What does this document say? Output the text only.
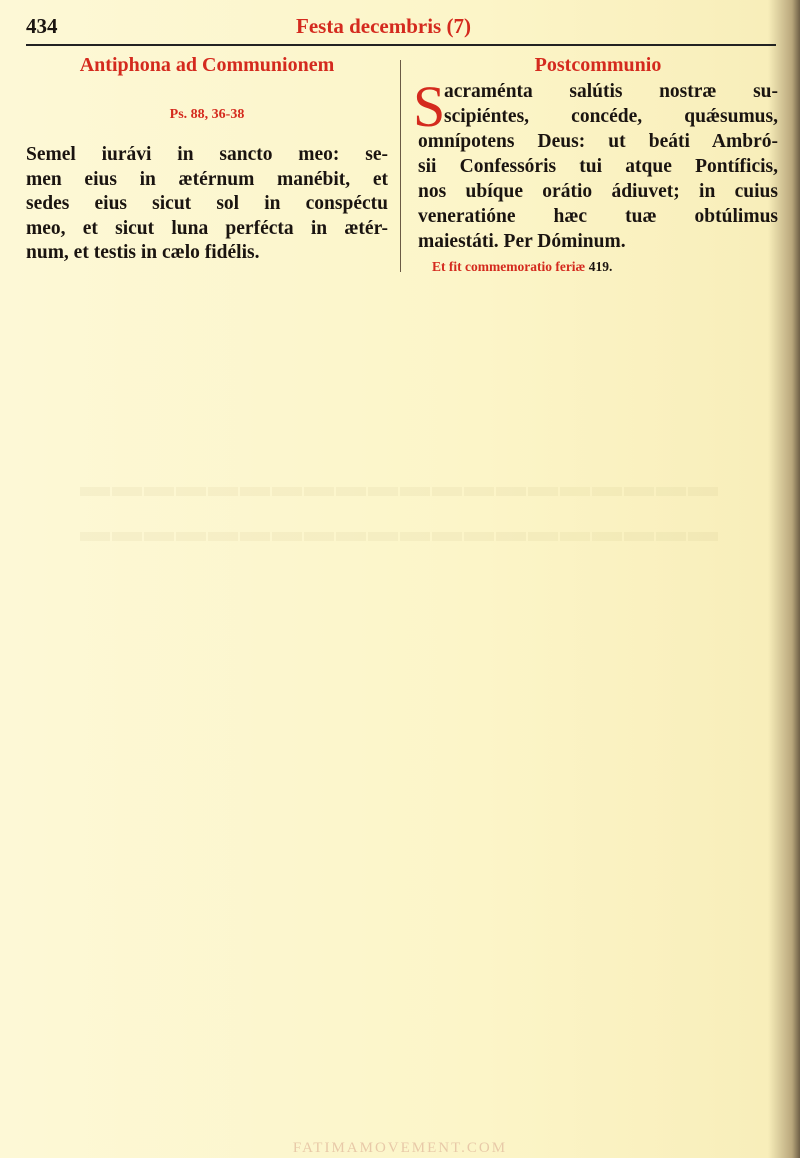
▬▬▬▬▬▬▬▬▬▬▬▬▬▬▬▬▬▬▬▬
▬▬▬▬▬▬▬▬▬▬▬▬▬▬▬▬▬▬▬▬
434	Festa decembris (7)
Antiphona ad Communionem
Ps. 88, 36-38
Semel iurávi in sancto meo: se-
men eius in ætérnum manébit, et
sedes eius sicut sol in conspéctu
meo, et sicut luna perfécta in ætér-
num, et testis in cælo fidélis.
Postcommunio
S
acraménta salútis nostræ su-
scipiéntes, concéde, quǽsumus,
omnípotens Deus: ut beáti Ambró-
sii Confessóris tui atque Pontíficis,
nos ubíque orátio ádiuvet; in cuius
veneratióne hæc tuæ obtúlimus
maiestáti. Per Dóminum.
Et fit commemoratio feriæ 419.
FATIMAMOVEMENT.COM
